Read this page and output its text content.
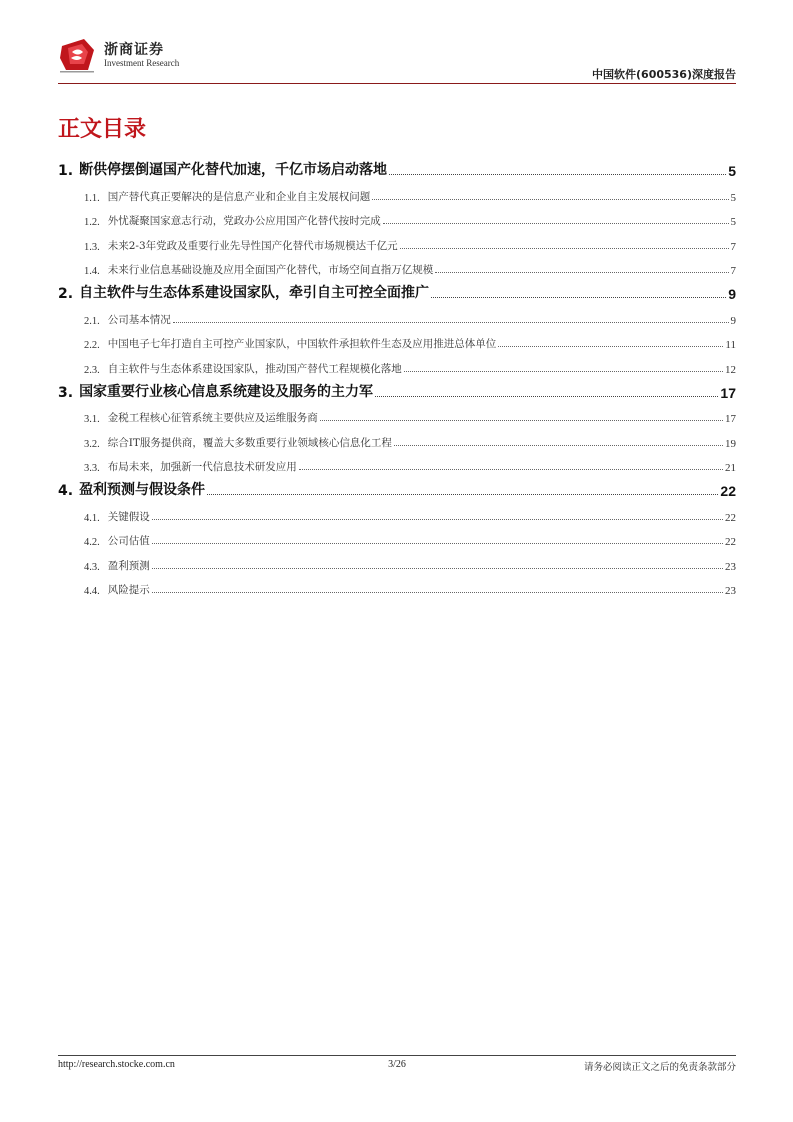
浙商证券
Investment Research
中国软件(600536)深度报告
正文目录
1. 断供停摆倒逼国产化替代加速，千亿市场启动落地	5
1.1. 国产替代真正要解决的是信息产业和企业自主发展权问题	5
1.2. 外忧凝聚国家意志行动，党政办公应用国产化替代按时完成	5
1.3. 未来2-3年党政及重要行业先导性国产化替代市场规模达千亿元	7
1.4. 未来行业信息基础设施及应用全面国产化替代，市场空间直指万亿规模	7
2. 自主软件与生态体系建设国家队，牵引自主可控全面推广	9
2.1. 公司基本情况	9
2.2. 中国电子七年打造自主可控产业国家队，中国软件承担软件生态及应用推进总体单位	11
2.3. 自主软件与生态体系建设国家队，推动国产替代工程规模化落地	12
3. 国家重要行业核心信息系统建设及服务的主力军	17
3.1. 金税工程核心征管系统主要供应及运维服务商	17
3.2. 综合IT服务提供商，覆盖大多数重要行业领域核心信息化工程	19
3.3. 布局未来，加强新一代信息技术研发应用	21
4. 盈利预测与假设条件	22
4.1. 关键假设	22
4.2. 公司估值	22
4.3. 盈利预测	23
4.4. 风险提示	23
http://research.stocke.com.cn	3/26	请务必阅读正文之后的免责条款部分
